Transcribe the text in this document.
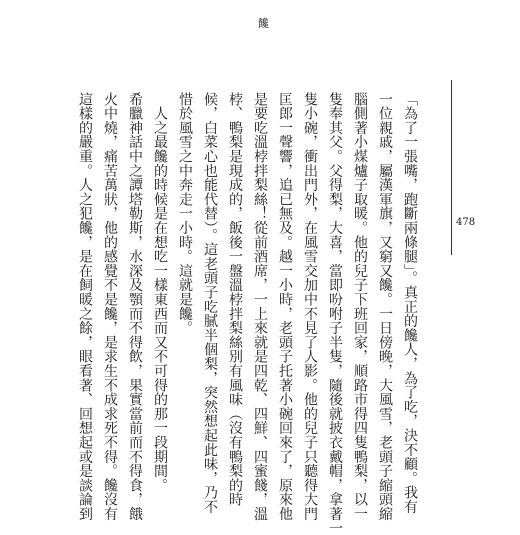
饞
478
「為了一張嘴，跑斷兩條腿」。真正的饞人，為了吃，決不顧。我有
一位親戚，屬漢軍旗，又窮又饞。一日傍晚，大風雪，老頭子縮頭縮
腦側著小煤爐子取暖。他的兒子下班回家，順路市得四隻鴨梨，以一
隻奉其父。父得梨，大喜，當即吩咐子半隻，隨後就披衣戴帽，拿著一
隻小碗，衝出門外，在風雪交加中不見了人影。他的兒子只聽得大門
匡郎一聲響，追已無及。越一小時，老頭子托著小碗回來了，原來他
是要吃溫桲拌梨絲！從前酒席，一上來就是四乾、四鮮、四蜜餞，溫
桲、鴨梨是現成的，飯後一盤溫桲拌梨絲別有風味（沒有鴨梨的時
候，白菜心也能代替）。這老頭子吃膩半個梨，突然想起此味，乃不
惜於風雪之中奔走一小時。這就是饞。
　人之最饞的時候是在想吃一樣東西而又不可得的那一段期間。
希臘神話中之譚塔勒斯，水深及顎而不得飲，果實當前而不得食，餓
火中燒，痛苦萬狀，他的感覺不是饞，是求生不成求死不得。饞沒有
這樣的嚴重。人之犯饞，是在飼暖之餘，眼看著、回想起或是談論到
